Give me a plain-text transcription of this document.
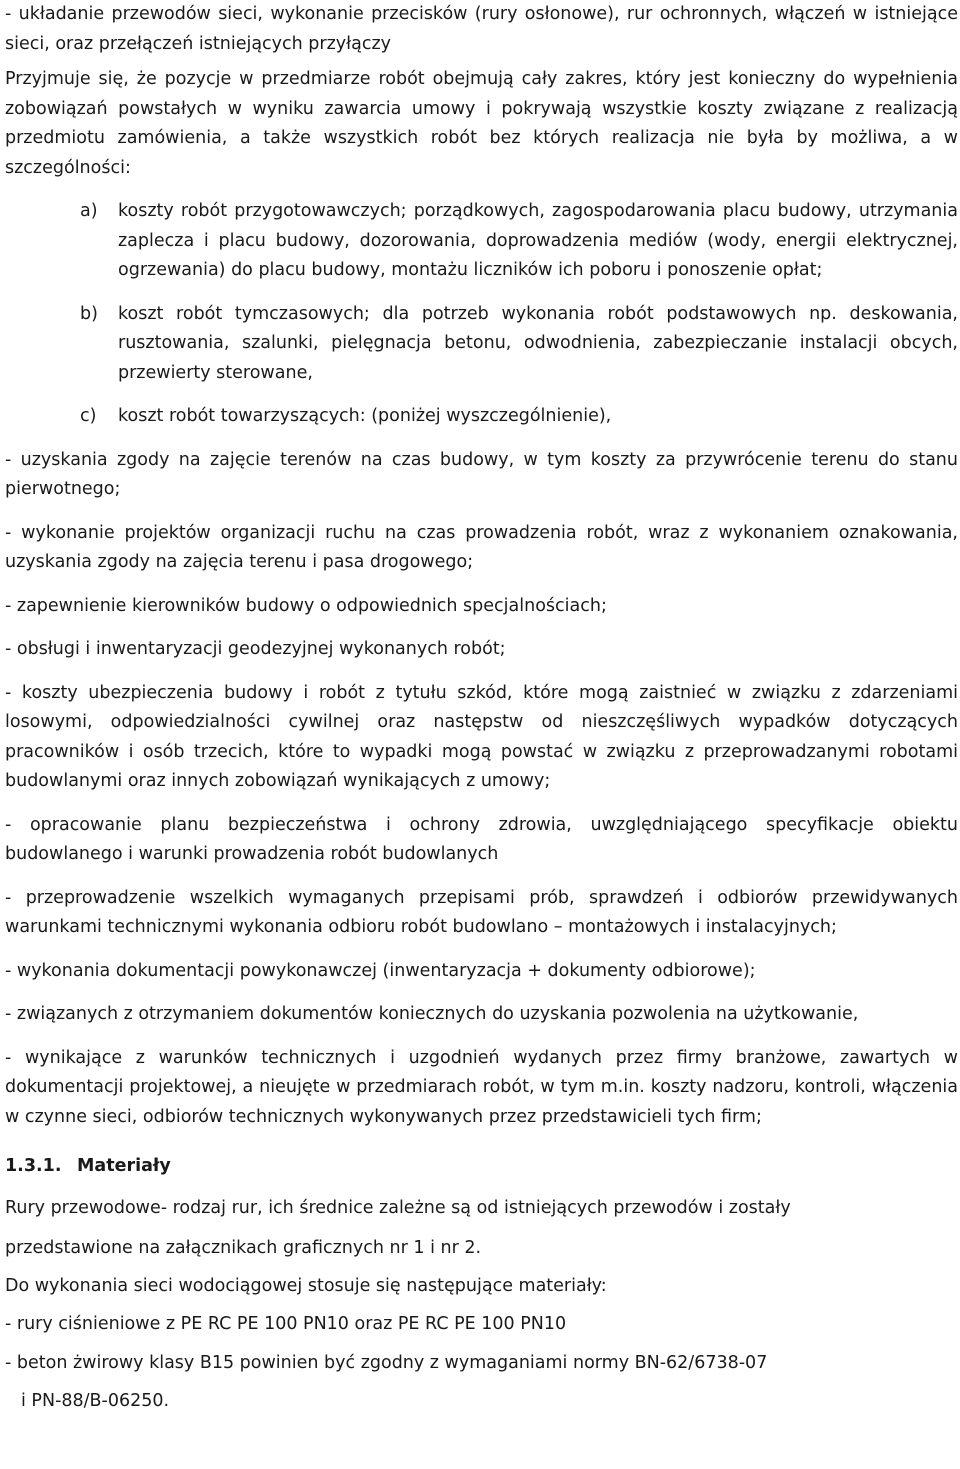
- układanie przewodów sieci, wykonanie przecisków (rury osłonowe), rur ochronnych, włączeń w istniejące sieci, oraz przełączeń istniejących przyłączy

Przyjmuje się, że pozycje w przedmiarze robót obejmują cały zakres, który jest konieczny do wypełnienia zobowiązań powstałych w wyniku zawarcia umowy i pokrywają wszystkie koszty związane z realizacją przedmiotu zamówienia, a także wszystkich robót bez których realizacja nie była by możliwa, a w szczególności:

a) koszty robót przygotowawczych; porządkowych, zagospodarowania placu budowy, utrzymania zaplecza i placu budowy, dozorowania, doprowadzenia mediów (wody, energii elektrycznej, ogrzewania) do placu budowy, montażu liczników ich poboru i ponoszenie opłat;

b) koszt robót tymczasowych; dla potrzeb wykonania robót podstawowych np. deskowania, rusztowania, szalunki, pielęgnacja betonu, odwodnienia, zabezpieczanie instalacji obcych, przewierty sterowane,

c) koszt robót towarzyszących: (poniżej wyszczególnienie),

- uzyskania zgody na zajęcie terenów na czas budowy, w tym koszty za przywrócenie terenu do stanu pierwotnego;

- wykonanie projektów organizacji ruchu na czas prowadzenia robót, wraz z wykonaniem oznakowania, uzyskania zgody na zajęcia terenu i pasa drogowego;

- zapewnienie kierowników budowy o odpowiednich specjalnościach;

- obsługi i inwentaryzacji geodezyjnej wykonanych robót;

- koszty ubezpieczenia budowy i robót z tytułu szkód, które mogą zaistnieć w związku z zdarzeniami losowymi, odpowiedzialności cywilnej oraz następstw od nieszczęśliwych wypadków dotyczących pracowników i osób trzecich, które to wypadki mogą powstać w związku z przeprowadzanymi robotami budowlanymi oraz innych zobowiązań wynikających z umowy;

- opracowanie planu bezpieczeństwa i ochrony zdrowia, uwzględniającego specyfikacje obiektu budowlanego i warunki prowadzenia robót budowlanych

- przeprowadzenie wszelkich wymaganych przepisami prób, sprawdzeń i odbiorów przewidywanych warunkami technicznymi wykonania odbioru robót budowlano – montażowych i instalacyjnych;

- wykonania dokumentacji powykonawczej (inwentaryzacja + dokumenty odbiorowe);

- związanych z otrzymaniem dokumentów koniecznych do uzyskania pozwolenia na użytkowanie,

- wynikające z warunków technicznych i uzgodnień wydanych przez firmy branżowe, zawartych w dokumentacji projektowej, a nieujęte w przedmiarach robót, w tym m.in. koszty nadzoru, kontroli, włączenia w czynne sieci, odbiorów technicznych wykonywanych przez przedstawicieli tych firm;

1.3.1. Materiały

Rury przewodowe- rodzaj rur, ich średnice zależne są od istniejących przewodów i zostały

przedstawione na załącznikach graficznych nr 1 i nr 2.

Do wykonania sieci wodociągowej stosuje się następujące materiały:

- rury ciśnieniowe z PE RC PE 100 PN10 oraz PE RC PE 100 PN10

- beton żwirowy klasy B15 powinien być zgodny z wymaganiami normy BN-62/6738-07

i PN-88/B-06250.
